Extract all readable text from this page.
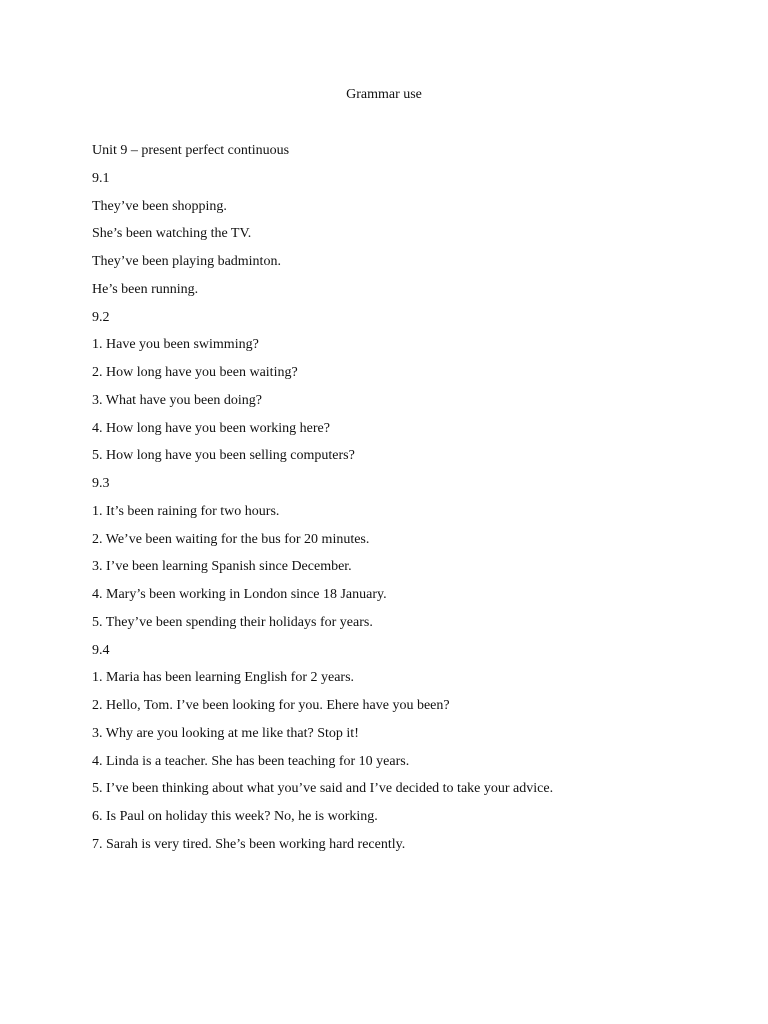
Grammar use
Unit 9 – present perfect continuous
9.1
They’ve been shopping.
She’s been watching the TV.
They’ve been playing badminton.
He’s been running.
9.2
1. Have you been swimming?
2. How long have you been waiting?
3. What have you been doing?
4. How long have you been working here?
5. How long have you been selling computers?
9.3
1. It’s been raining for two hours.
2. We’ve been waiting for the bus for 20 minutes.
3. I’ve been learning Spanish since December.
4. Mary’s been working in London since 18 January.
5. They’ve been spending their holidays for years.
9.4
1. Maria has been learning English for 2 years.
2. Hello, Tom. I’ve been looking for you. Ehere have you been?
3. Why are you looking at me like that? Stop it!
4. Linda is a teacher. She has been teaching for 10 years.
5. I’ve been thinking about what you’ve said and I’ve decided to take your advice.
6. Is Paul on holiday this week? No, he is working.
7. Sarah is very tired. She’s been working hard recently.
